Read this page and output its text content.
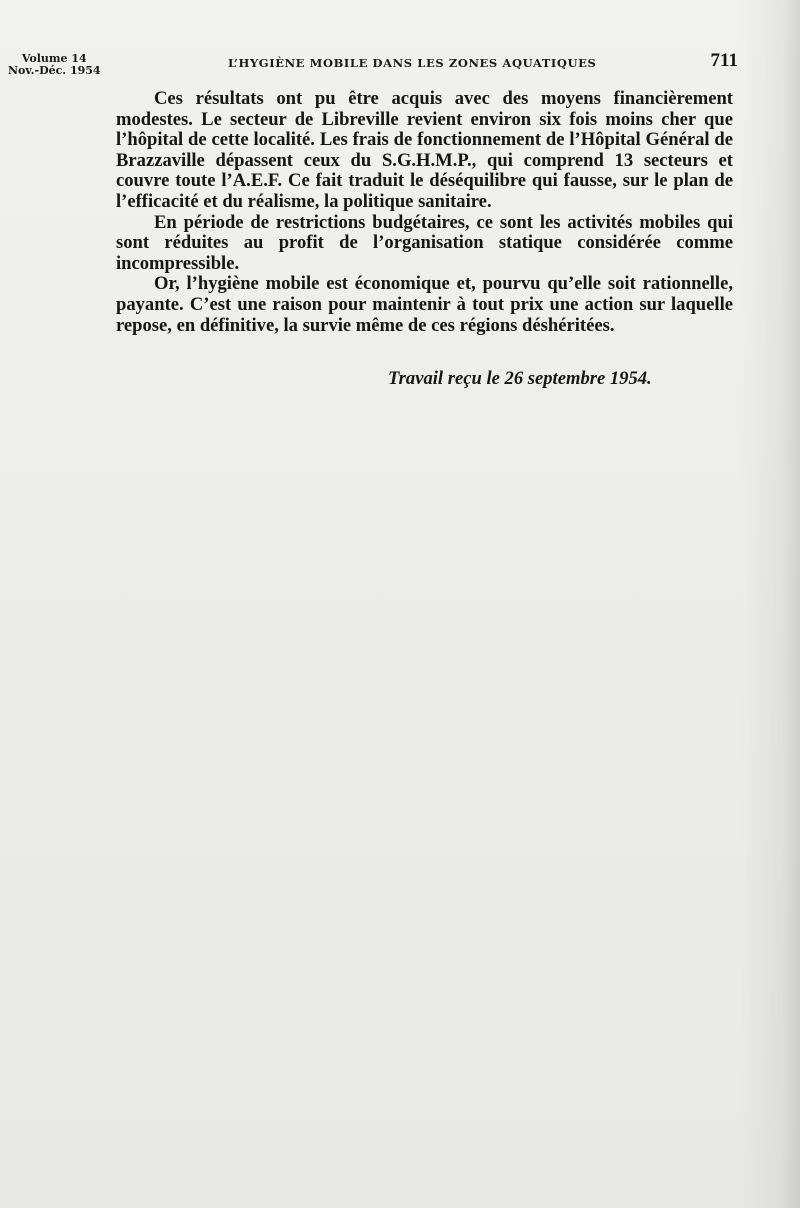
Volume 14
Nov.-Déc. 1954
L’HYGIÈNE MOBILE DANS LES ZONES AQUATIQUES	711

Ces résultats ont pu être acquis avec des moyens financièrement modestes. Le secteur de Libreville revient environ six fois moins cher que l’hôpital de cette localité. Les frais de fonctionnement de l’Hôpital Général de Brazzaville dépassent ceux du S.G.H.M.P., qui comprend 13 secteurs et couvre toute l’A.E.F. Ce fait traduit le déséquilibre qui fausse, sur le plan de l’efficacité et du réalisme, la politique sanitaire.

En période de restrictions budgétaires, ce sont les activités mobiles qui sont réduites au profit de l’organisation statique considérée comme incompressible.

Or, l’hygiène mobile est économique et, pourvu qu’elle soit rationnelle, payante. C’est une raison pour maintenir à tout prix une action sur laquelle repose, en définitive, la survie même de ces régions déshéritées.

Travail reçu le 26 septembre 1954.
